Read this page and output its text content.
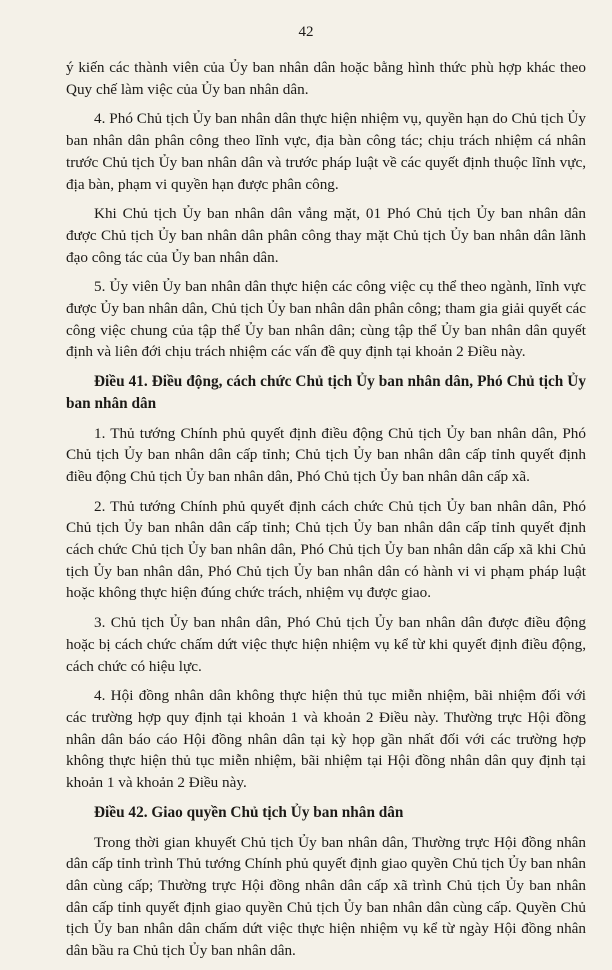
42

ý kiến các thành viên của Ủy ban nhân dân hoặc bằng hình thức phù hợp khác theo Quy chế làm việc của Ủy ban nhân dân.

4. Phó Chủ tịch Ủy ban nhân dân thực hiện nhiệm vụ, quyền hạn do Chủ tịch Ủy ban nhân dân phân công theo lĩnh vực, địa bàn công tác; chịu trách nhiệm cá nhân trước Chủ tịch Ủy ban nhân dân và trước pháp luật về các quyết định thuộc lĩnh vực, địa bàn, phạm vi quyền hạn được phân công.

Khi Chủ tịch Ủy ban nhân dân vắng mặt, 01 Phó Chủ tịch Ủy ban nhân dân được Chủ tịch Ủy ban nhân dân phân công thay mặt Chủ tịch Ủy ban nhân dân lãnh đạo công tác của Ủy ban nhân dân.

5. Ủy viên Ủy ban nhân dân thực hiện các công việc cụ thể theo ngành, lĩnh vực được Ủy ban nhân dân, Chủ tịch Ủy ban nhân dân phân công; tham gia giải quyết các công việc chung của tập thể Ủy ban nhân dân; cùng tập thể Ủy ban nhân dân quyết định và liên đới chịu trách nhiệm các vấn đề quy định tại khoản 2 Điều này.

Điều 41. Điều động, cách chức Chủ tịch Ủy ban nhân dân, Phó Chủ tịch Ủy ban nhân dân

1. Thủ tướng Chính phủ quyết định điều động Chủ tịch Ủy ban nhân dân, Phó Chủ tịch Ủy ban nhân dân cấp tỉnh; Chủ tịch Ủy ban nhân dân cấp tỉnh quyết định điều động Chủ tịch Ủy ban nhân dân, Phó Chủ tịch Ủy ban nhân dân cấp xã.

2. Thủ tướng Chính phủ quyết định cách chức Chủ tịch Ủy ban nhân dân, Phó Chủ tịch Ủy ban nhân dân cấp tỉnh; Chủ tịch Ủy ban nhân dân cấp tỉnh quyết định cách chức Chủ tịch Ủy ban nhân dân, Phó Chủ tịch Ủy ban nhân dân cấp xã khi Chủ tịch Ủy ban nhân dân, Phó Chủ tịch Ủy ban nhân dân có hành vi vi phạm pháp luật hoặc không thực hiện đúng chức trách, nhiệm vụ được giao.

3. Chủ tịch Ủy ban nhân dân, Phó Chủ tịch Ủy ban nhân dân được điều động hoặc bị cách chức chấm dứt việc thực hiện nhiệm vụ kể từ khi quyết định điều động, cách chức có hiệu lực.

4. Hội đồng nhân dân không thực hiện thủ tục miễn nhiệm, bãi nhiệm đối với các trường hợp quy định tại khoản 1 và khoản 2 Điều này. Thường trực Hội đồng nhân dân báo cáo Hội đồng nhân dân tại kỳ họp gần nhất đối với các trường hợp không thực hiện thủ tục miễn nhiệm, bãi nhiệm tại Hội đồng nhân dân quy định tại khoản 1 và khoản 2 Điều này.

Điều 42. Giao quyền Chủ tịch Ủy ban nhân dân

Trong thời gian khuyết Chủ tịch Ủy ban nhân dân, Thường trực Hội đồng nhân dân cấp tỉnh trình Thủ tướng Chính phủ quyết định giao quyền Chủ tịch Ủy ban nhân dân cùng cấp; Thường trực Hội đồng nhân dân cấp xã trình Chủ tịch Ủy ban nhân dân cấp tỉnh quyết định giao quyền Chủ tịch Ủy ban nhân dân cùng cấp. Quyền Chủ tịch Ủy ban nhân dân chấm dứt việc thực hiện nhiệm vụ kể từ ngày Hội đồng nhân dân bầu ra Chủ tịch Ủy ban nhân dân.
